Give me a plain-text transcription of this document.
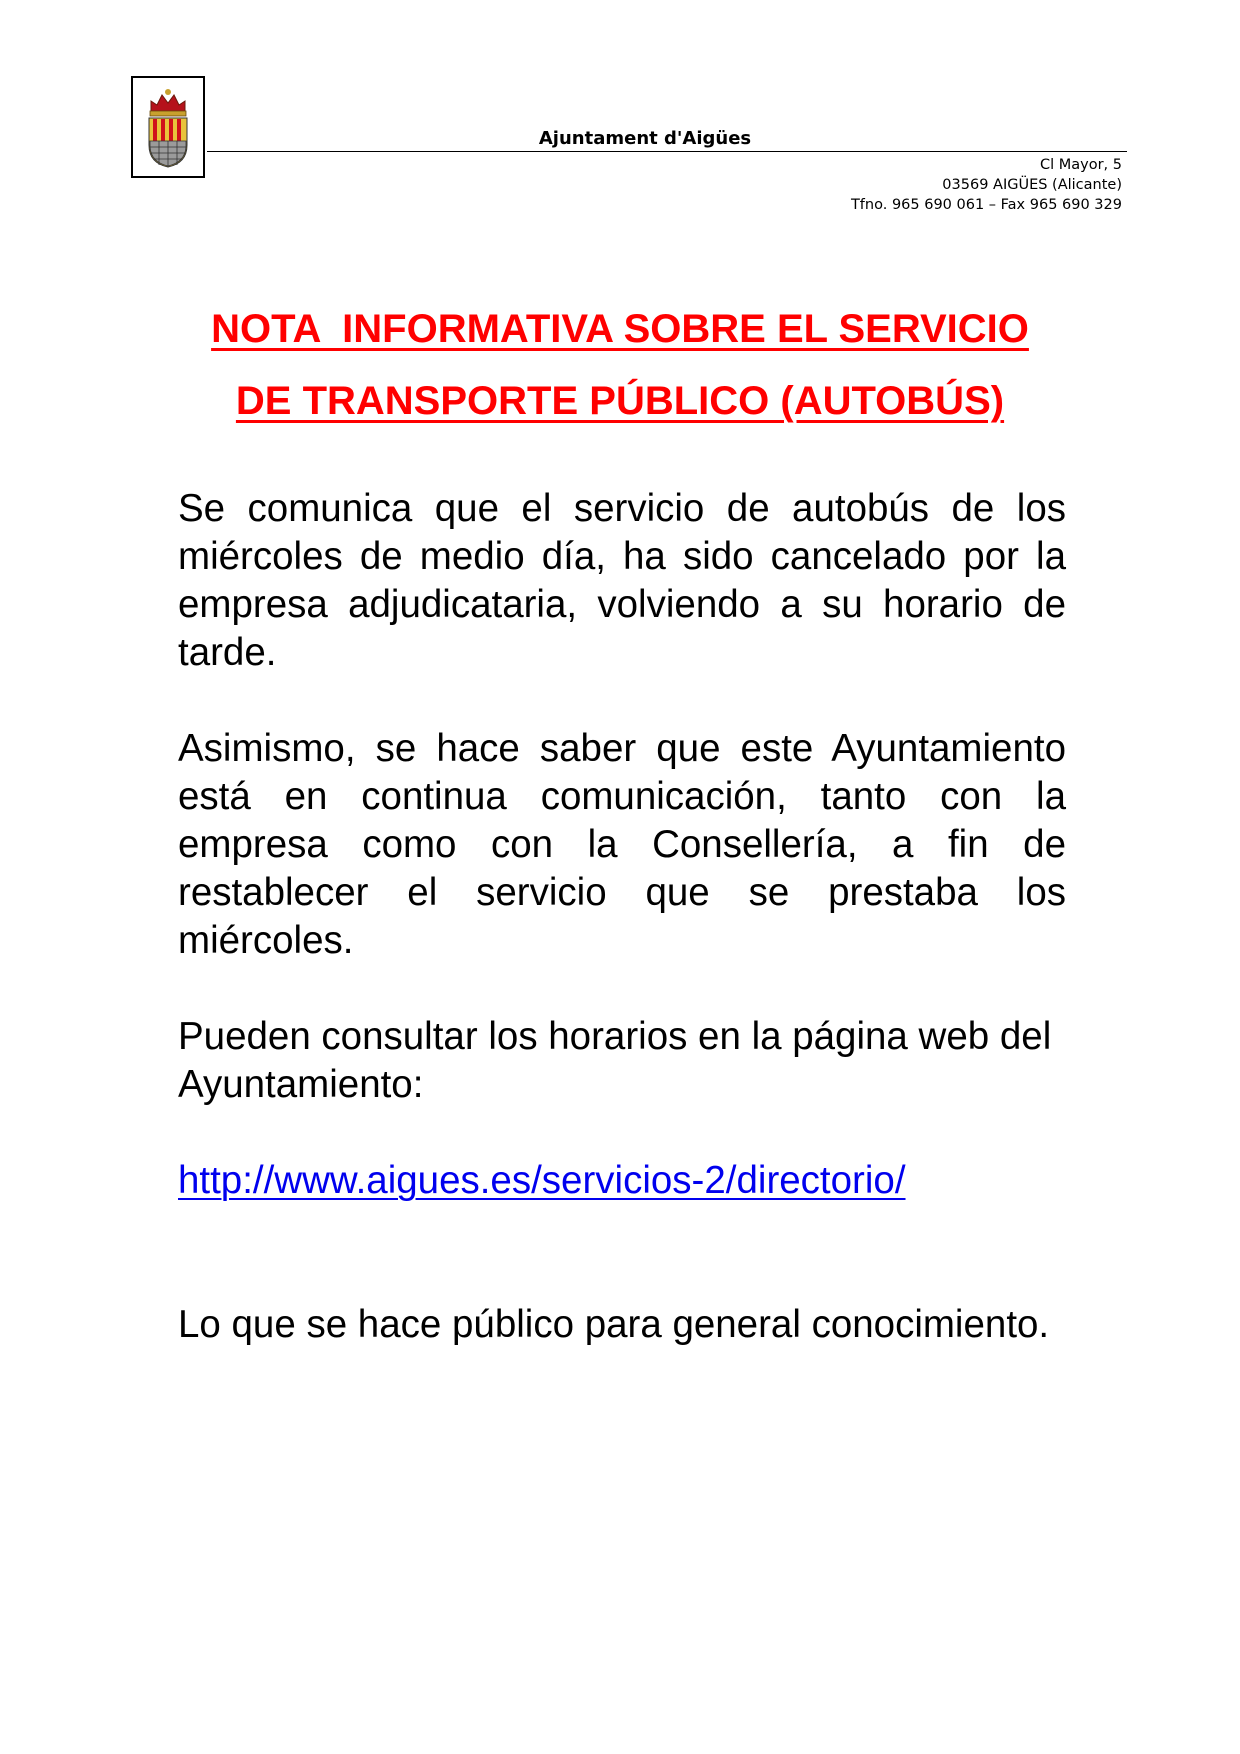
Ajuntament d'Aigües
Cl Mayor, 5
03569 AIGÜES (Alicante)
Tfno. 965 690 061 – Fax 965 690 329
NOTA  INFORMATIVA SOBRE EL SERVICIO
DE TRANSPORTE PÚBLICO (AUTOBÚS)

Se comunica que el servicio de autobús de los miércoles de medio día, ha sido cancelado por la empresa adjudicataria, volviendo a su horario de tarde.

Asimismo, se hace saber que este Ayuntamiento está en continua comunicación, tanto con la empresa como con la Consellería, a fin de restablecer el servicio que se prestaba los miércoles.

Pueden consultar los horarios en la página web del Ayuntamiento:

http://www.aigues.es/servicios-2/directorio/

Lo que se hace público para general conocimiento.
